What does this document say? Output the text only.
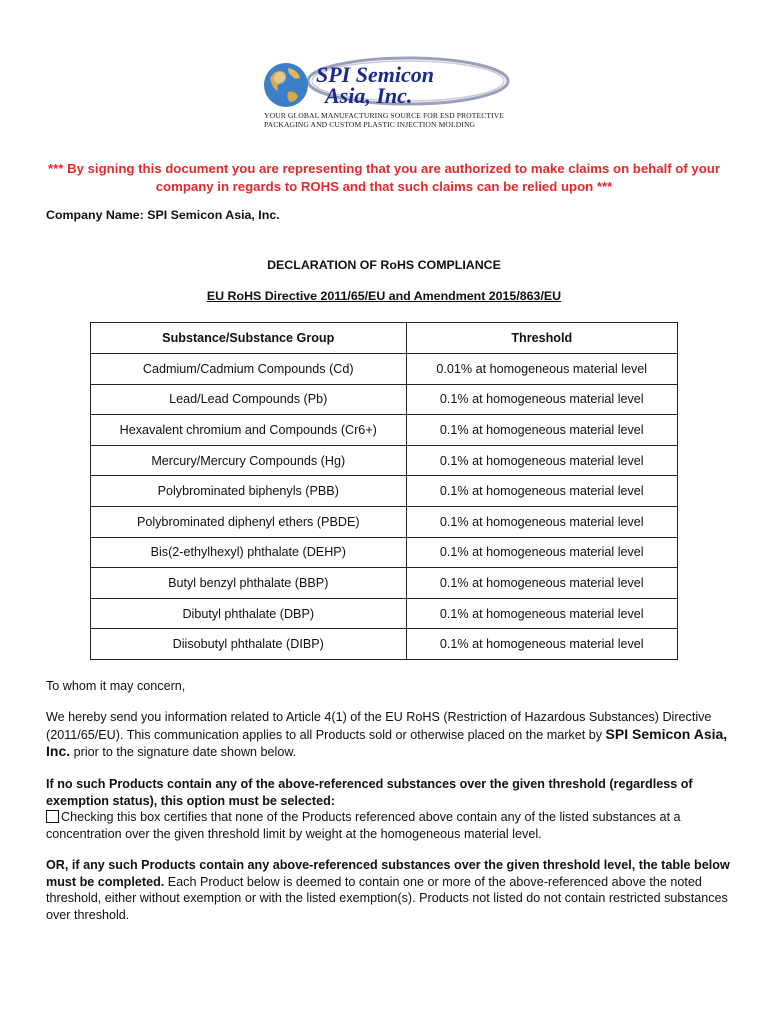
SPI Semicon
Asia, Inc.
YOUR GLOBAL MANUFACTURING SOURCE FOR ESD PROTECTIVE
PACKAGING AND CUSTOM PLASTIC INJECTION MOLDING
*** By signing this document you are representing that you are authorized to make claims on behalf of your company in regards to ROHS and that such claims can be relied upon ***
Company Name: SPI Semicon Asia, Inc.
DECLARATION OF RoHS COMPLIANCE
EU RoHS Directive 2011/65/EU and Amendment 2015/863/EU
Substance/Substance Group	Threshold
Cadmium/Cadmium Compounds (Cd)	0.01% at homogeneous material level
Lead/Lead Compounds (Pb)	0.1% at homogeneous material level
Hexavalent chromium and Compounds (Cr6+)	0.1% at homogeneous material level
Mercury/Mercury Compounds (Hg)	0.1% at homogeneous material level
Polybrominated biphenyls (PBB)	0.1% at homogeneous material level
Polybrominated diphenyl ethers (PBDE)	0.1% at homogeneous material level
Bis(2-ethylhexyl) phthalate (DEHP)	0.1% at homogeneous material level
Butyl benzyl phthalate (BBP)	0.1% at homogeneous material level
Dibutyl phthalate (DBP)	0.1% at homogeneous material level
Diisobutyl phthalate (DIBP)	0.1% at homogeneous material level
To whom it may concern,
We hereby send you information related to Article 4(1) of the EU RoHS (Restriction of Hazardous Substances) Directive (2011/65/EU). This communication applies to all Products sold or otherwise placed on the market by SPI Semicon Asia, Inc. prior to the signature date shown below.
If no such Products contain any of the above-referenced substances over the given threshold (regardless of exemption status), this option must be selected:
Checking this box certifies that none of the Products referenced above contain any of the listed substances at a concentration over the given threshold limit by weight at the homogeneous material level.
OR, if any such Products contain any above-referenced substances over the given threshold level, the table below must be completed. Each Product below is deemed to contain one or more of the above-referenced above the noted threshold, either without exemption or with the listed exemption(s). Products not listed do not contain restricted substances over threshold.
